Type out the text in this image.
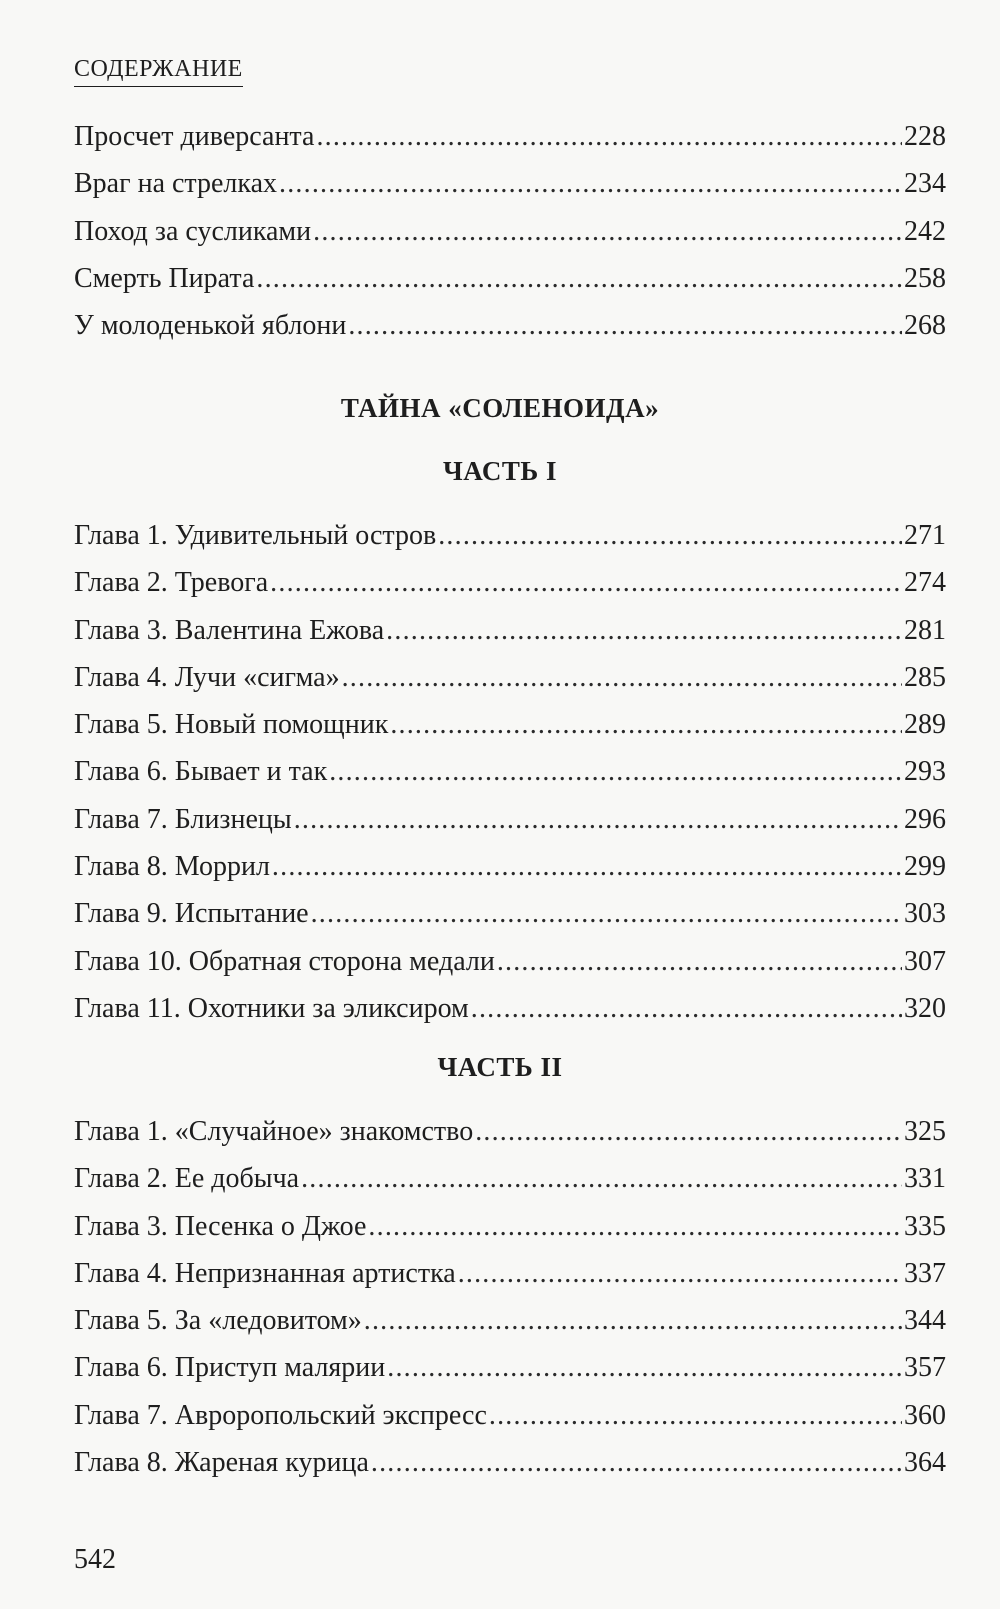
СОДЕРЖАНИЕ
Просчет диверсанта .....	228
Враг на стрелках .....	234
Поход за сусликами .....	242
Смерть Пирата .....	258
У молоденькой яблони .....	268
ТАЙНА «СОЛЕНОИДА»
ЧАСТЬ I
Глава 1. Удивительный остров .....	271
Глава 2. Тревога .....	274
Глава 3. Валентина Ежова .....	281
Глава 4. Лучи «сигма» .....	285
Глава 5. Новый помощник .....	289
Глава 6. Бывает и так .....	293
Глава 7. Близнецы .....	296
Глава 8. Моррил .....	299
Глава 9. Испытание .....	303
Глава 10. Обратная сторона медали .....	307
Глава 11. Охотники за эликсиром .....	320
ЧАСТЬ II
Глава 1. «Случайное» знакомство .....	325
Глава 2. Ее добыча .....	331
Глава 3. Песенка о Джое .....	335
Глава 4. Непризнанная артистка .....	337
Глава 5. За «ледовитом» .....	344
Глава 6. Приступ малярии .....	357
Глава 7. Авроропольский экспресс .....	360
Глава 8. Жареная курица .....	364
542
